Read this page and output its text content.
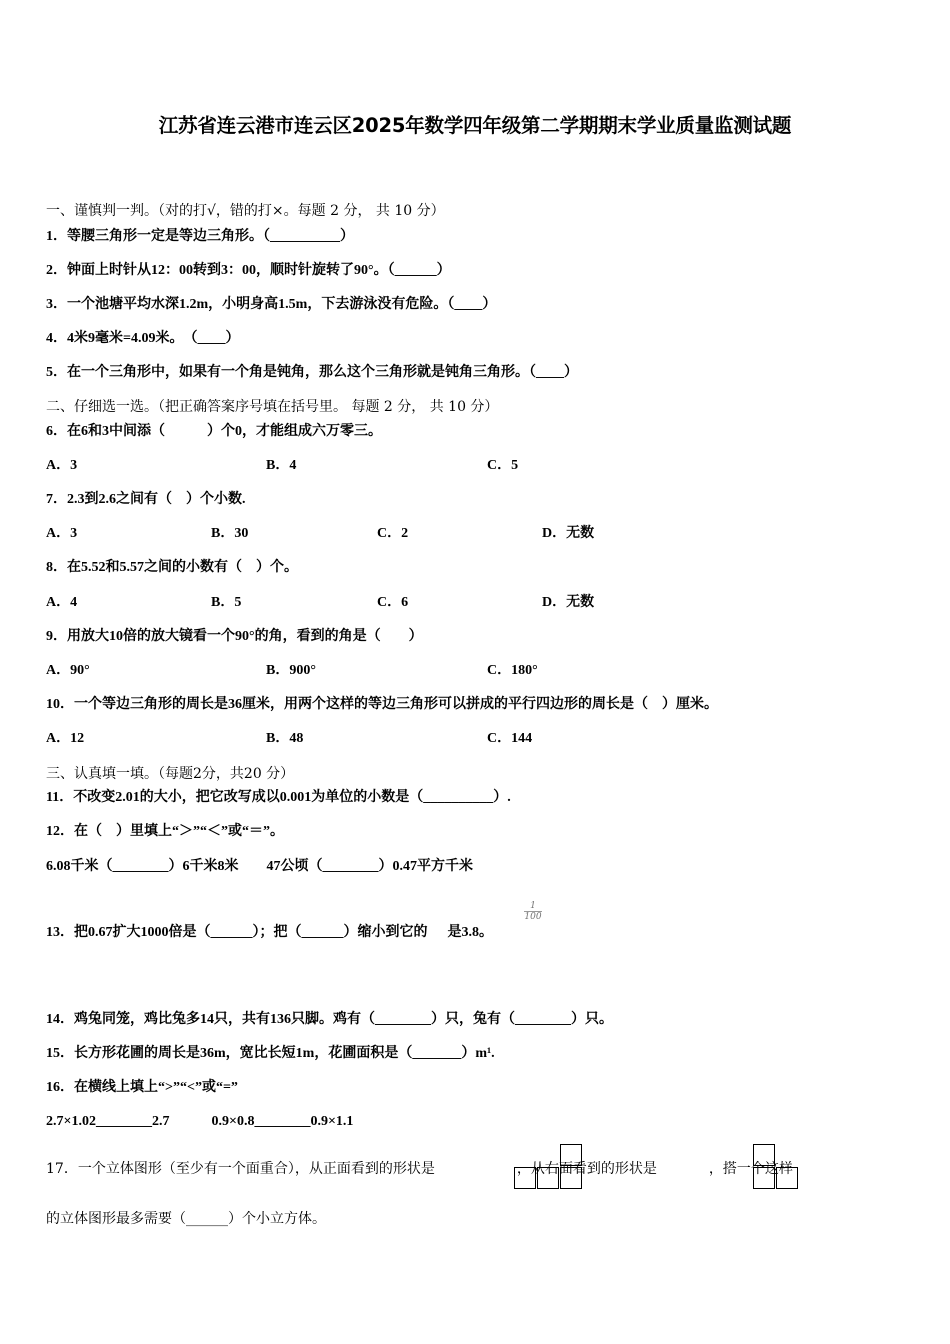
江苏省连云港市连云区2025年数学四年级第二学期期末学业质量监测试题
一、谨慎判一判。（对的打√，错的打×。每题 2 分， 共 10 分）
1．等腰三角形一定是等边三角形。（__________）
2．钟面上时针从12：00转到3：00，顺时针旋转了90°。（______）
3．一个池塘平均水深1.2m，小明身高1.5m，下去游泳没有危险。（____）
4．4米9毫米=4.09米。　（____）
5．在一个三角形中，如果有一个角是钝角，那么这个三角形就是钝角三角形。（____）
二、仔细选一选。（把正确答案序号填在括号里。 每题 2 分， 共 10 分）
6．在6和3中间添（　　　）个0，才能组成六万零三。
A．3	B．4	C．5
7．2.3到2.6之间有（　）个小数.
A．3	B．30	C．2	D．无数
8．在5.52和5.57之间的小数有（　）个。
A．4	B．5	C．6	D．无数
9．用放大10倍的放大镜看一个90°的角，看到的角是（　　）
A．90°	B．900°	C．180°
10．一个等边三角形的周长是36厘米，用两个这样的等边三角形可以拼成的平行四边形的周长是（　）厘米。
A．12	B．48	C．144
三、认真填一填。（每题2分，共20 分）
11．不改变2.01的大小，把它改写成以0.001为单位的小数是（__________）.
12．在（　）里填上“＞”“＜”或“＝”。
6.08千米（________）6千米8米　　47公顷（________）0.47平方千米
13．把0.67扩大1000倍是（______）；把（______）缩小到它的 是3.8。
1
100
14．鸡兔同笼，鸡比兔多14只，共有136只脚。鸡有（________）只，兔有（________）只。
15．长方形花圃的周长是36m，宽比长短1m，花圃面积是（_______）m¹.
16．在横线上填上“>”“<”或“=”
2.7×1.02________2.7　　　0.9×0.8________0.9×1.1
17．一个立体图形（至少有一个面重合），从正面看到的形状是	，从右面看到的形状是	，搭一个这样
的立体图形最多需要（______）个小立方体。
